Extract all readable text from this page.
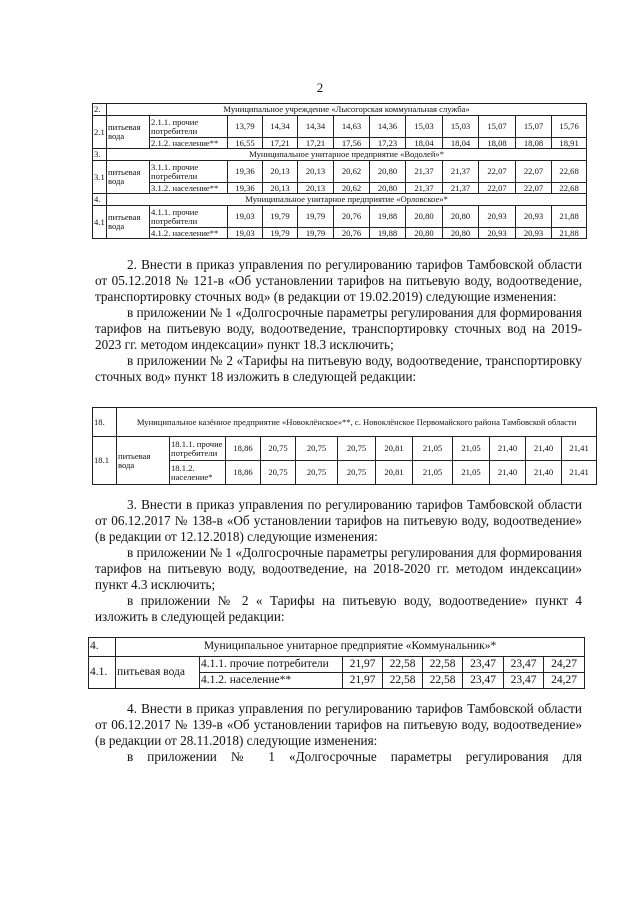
2
2.	Муниципальное учреждение «Лысогорская коммунальная служба»											
2.1	питьевая вода	2.1.1. прочие потребители	13,79	14,34	14,34	14,63	14,36	15,03	15,03	15,07	15,07	15,76
		2.1.2. население**	16,55	17,21	17,21	17,56	17,23	18,04	18,04	18,08	18,08	18,91
3.	Муниципальное унитарное предприятие «Водолей»*											
3.1	питьевая вода	3.1.1. прочие потребители	19,36	20,13	20,13	20,62	20,80	21,37	21,37	22,07	22,07	22,68
		3.1.2. население**	19,36	20,13	20,13	20,62	20,80	21,37	21,37	22,07	22,07	22,68
4.	Муниципальное унитарное предприятие «Орловское»*											
4.1	питьевая вода	4.1.1. прочие потребители	19,03	19,79	19,79	20,76	19,88	20,80	20,80	20,93	20,93	21,88
		4.1.2. население**	19,03	19,79	19,79	20,76	19,88	20,80	20,80	20,93	20,93	21,88

2. Внести в приказ управления по регулированию тарифов Тамбовской области от 05.12.2018 № 121-в «Об установлении тарифов на питьевую воду, водоотведение, транспортировку сточных вод» (в редакции от 19.02.2019) следующие изменения:

в приложении № 1 «Долгосрочные параметры регулирования для формирования тарифов на питьевую воду, водоотведение, транспортировку сточных вод на 2019-2023 гг. методом индексации» пункт 18.3 исключить;

в приложении № 2 «Тарифы на питьевую воду, водоотведение, транспортировку сточных вод» пункт 18 изложить в следующей редакции:

18.	Муниципальное казённое предприятие «Новоклёнское»**, с. Новоклёнское Первомайского района Тамбовской области											
18.1	питьевая вода	18.1.1. прочие потребители	18,86	20,75	20,75	20,75	20,81	21,05	21,05	21,40	21,40	21,41
		18.1.2. население*	18,86	20,75	20,75	20,75	20,81	21,05	21,05	21,40	21,40	21,41

3. Внести в приказ управления по регулированию тарифов Тамбовской области от 06.12.2017 № 138-в «Об установлении тарифов на питьевую воду, водоотведение» (в редакции от 12.12.2018) следующие изменения:

в приложении № 1 «Долгосрочные параметры регулирования для формирования тарифов на питьевую воду, водоотведение, на 2018-2020 гг. методом индексации» пункт 4.3 исключить;

в приложении № 2 « Тарифы на питьевую воду, водоотведение» пункт 4 изложить в следующей редакции:

4.	Муниципальное унитарное предприятие «Коммунальник»*							
4.1.	питьевая вода	4.1.1. прочие потребители	21,97	22,58	22,58	23,47	23,47	24,27
		4.1.2. население**	21,97	22,58	22,58	23,47	23,47	24,27

4. Внести в приказ управления по регулированию тарифов Тамбовской области от 06.12.2017 № 139-в «Об установлении тарифов на питьевую воду, водоотведение» (в редакции от 28.11.2018) следующие изменения:

в приложении № 1 «Долгосрочные параметры регулирования для
